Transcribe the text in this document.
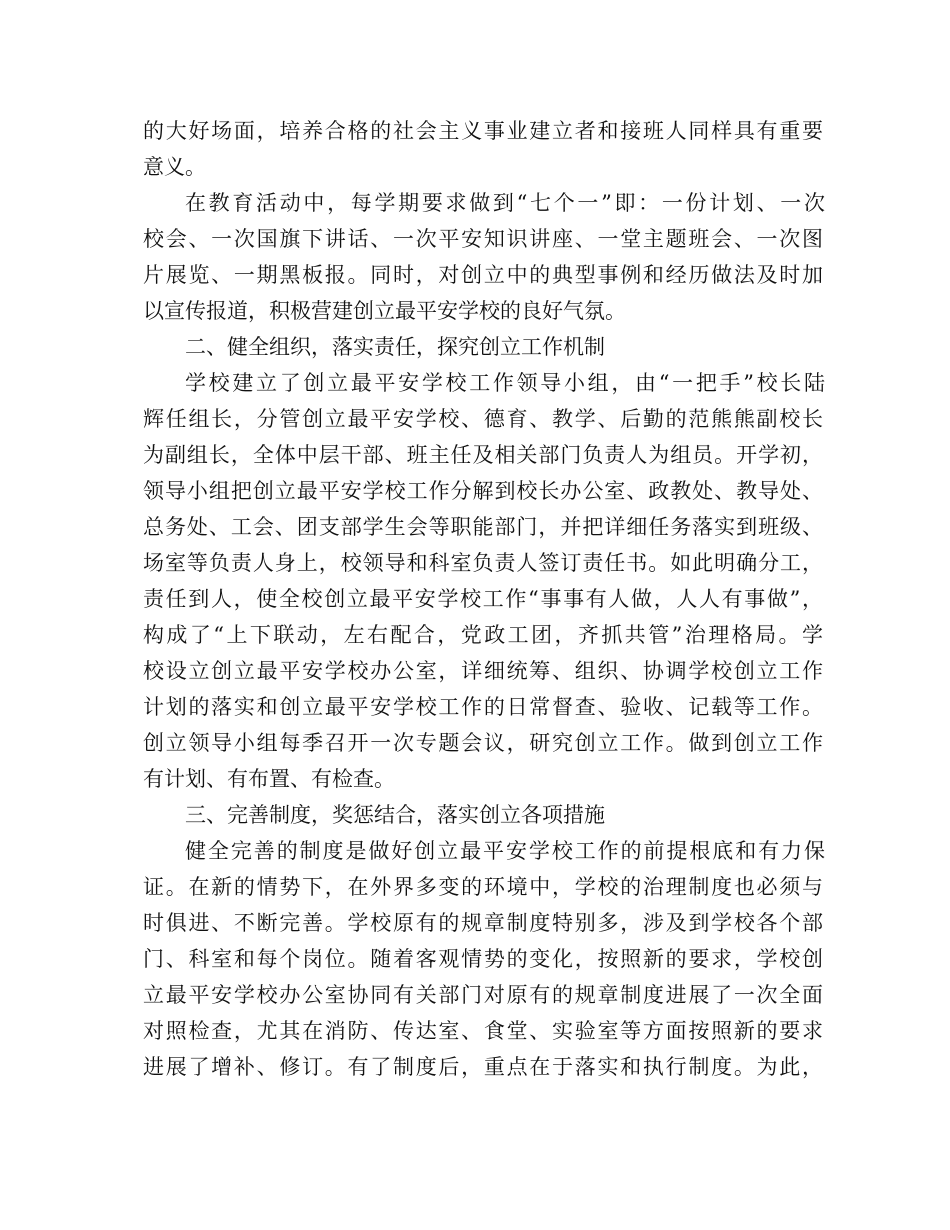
的大好场面，培养合格的社会主义事业建立者和接班人同样具有重要
意义。
在教育活动中，每学期要求做到“七个一”即：一份计划、一次
校会、一次国旗下讲话、一次平安知识讲座、一堂主题班会、一次图
片展览、一期黑板报。同时，对创立中的典型事例和经历做法及时加
以宣传报道，积极营建创立最平安学校的良好气氛。
二、健全组织，落实责任，探究创立工作机制
学校建立了创立最平安学校工作领导小组，由“一把手”校长陆
辉任组长，分管创立最平安学校、德育、教学、后勤的范熊熊副校长
为副组长，全体中层干部、班主任及相关部门负责人为组员。开学初，
领导小组把创立最平安学校工作分解到校长办公室、政教处、教导处、
总务处、工会、团支部学生会等职能部门，并把详细任务落实到班级、
场室等负责人身上，校领导和科室负责人签订责任书。如此明确分工，
责任到人，使全校创立最平安学校工作“事事有人做，人人有事做”，
构成了“上下联动，左右配合，党政工团，齐抓共管”治理格局。学
校设立创立最平安学校办公室，详细统筹、组织、协调学校创立工作
计划的落实和创立最平安学校工作的日常督查、验收、记载等工作。
创立领导小组每季召开一次专题会议，研究创立工作。做到创立工作
有计划、有布置、有检查。
三、完善制度，奖惩结合，落实创立各项措施
健全完善的制度是做好创立最平安学校工作的前提根底和有力保
证。在新的情势下，在外界多变的环境中，学校的治理制度也必须与
时俱进、不断完善。学校原有的规章制度特别多，涉及到学校各个部
门、科室和每个岗位。随着客观情势的变化，按照新的要求，学校创
立最平安学校办公室协同有关部门对原有的规章制度进展了一次全面
对照检查，尤其在消防、传达室、食堂、实验室等方面按照新的要求
进展了增补、修订。有了制度后，重点在于落实和执行制度。为此，
